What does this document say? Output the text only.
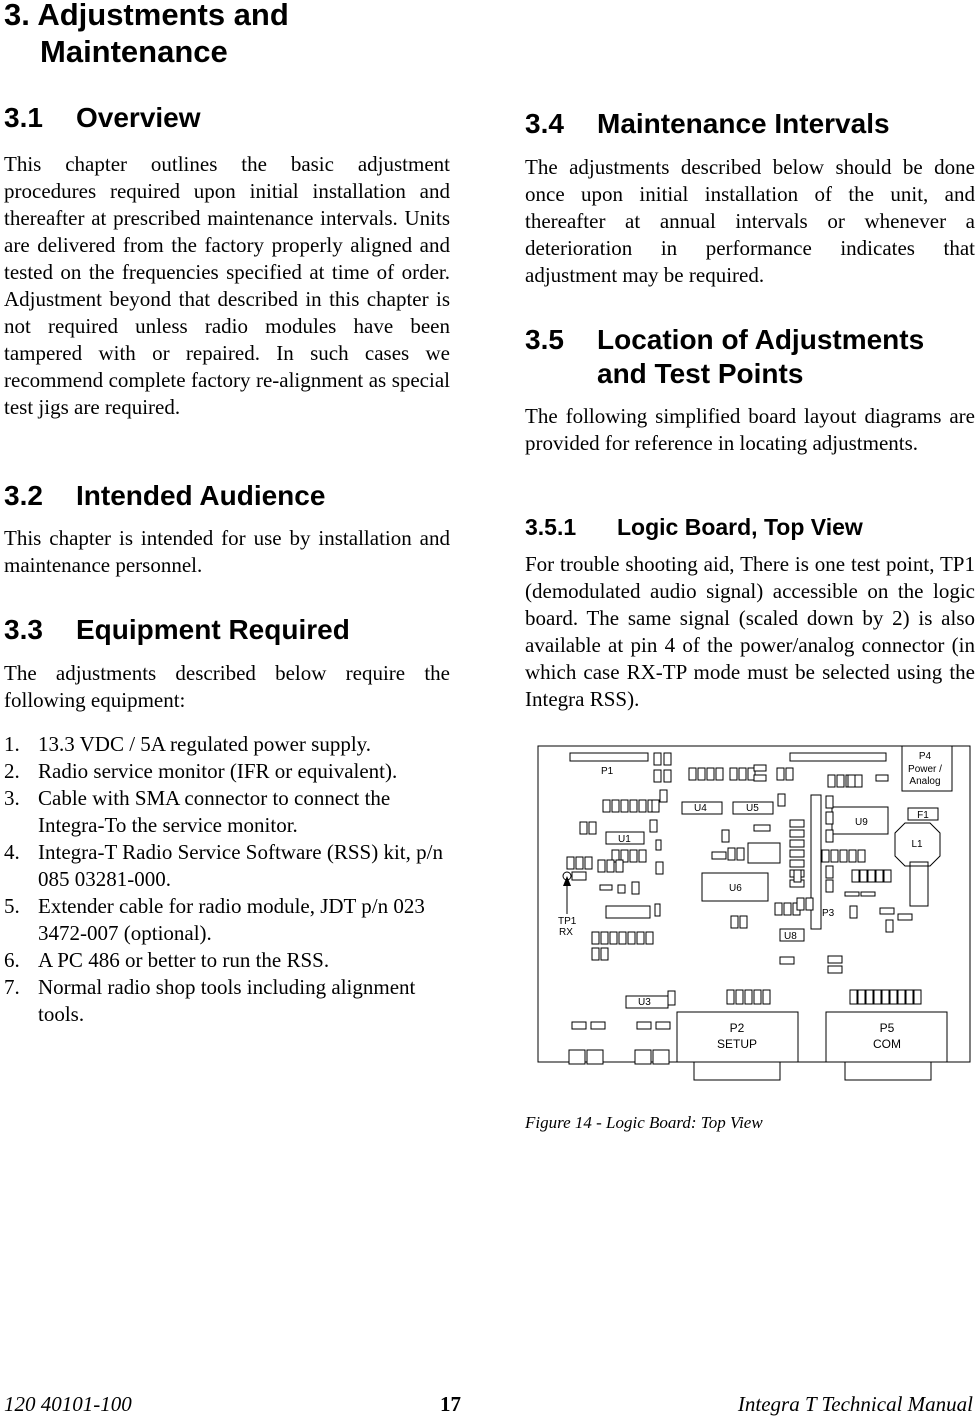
3. Adjustments and
Maintenance
3.1 Overview

This chapter outlines the basic adjustment procedures required upon initial installation and thereafter at prescribed maintenance intervals. Units are delivered from the factory properly aligned and tested on the frequencies specified at time of order. Adjustment beyond that described in this chapter is not required unless radio modules have been tampered with or repaired. In such cases we recommend complete factory re-alignment as special test jigs are required.

3.2 Intended Audience

This chapter is intended for use by installation and maintenance personnel.

3.3 Equipment Required

The adjustments described below require the following equipment:

1. 13.3 VDC / 5A regulated power supply.
2. Radio service monitor (IFR or equivalent).
3. Cable with SMA connector to connect the Integra-To the service monitor.
4. Integra-T Radio Service Software (RSS) kit, p/n 085 03281-000.
5. Extender cable for radio module, JDT p/n 023 3472-007 (optional).
6. A PC 486 or better to run the RSS.
7. Normal radio shop tools including alignment tools.
3.4 Maintenance Intervals

The adjustments described below should be done once upon initial installation of the unit, and thereafter at annual intervals or whenever a deterioration in performance indicates that adjustment may be required.

3.5 Location of Adjustments
and Test Points

The following simplified board layout diagrams are provided for reference in locating adjustments.

3.5.1 Logic Board, Top View

For trouble shooting aid, There is one test point, TP1 (demodulated audio signal) accessible on the logic board. The same signal (scaled down by 2) is also available at pin 4 of the power/analog connector (in which case RX-TP mode must be selected using the Integra RSS).

P1
U4	U5
U1
U9
F1
L1
U6
P3
U8
U3
TP1
RX
P4
Power /
Analog
P2
SETUP
P5
COM
Figure 14 - Logic Board: Top View
120 40101-100	17	Integra T Technical Manual
